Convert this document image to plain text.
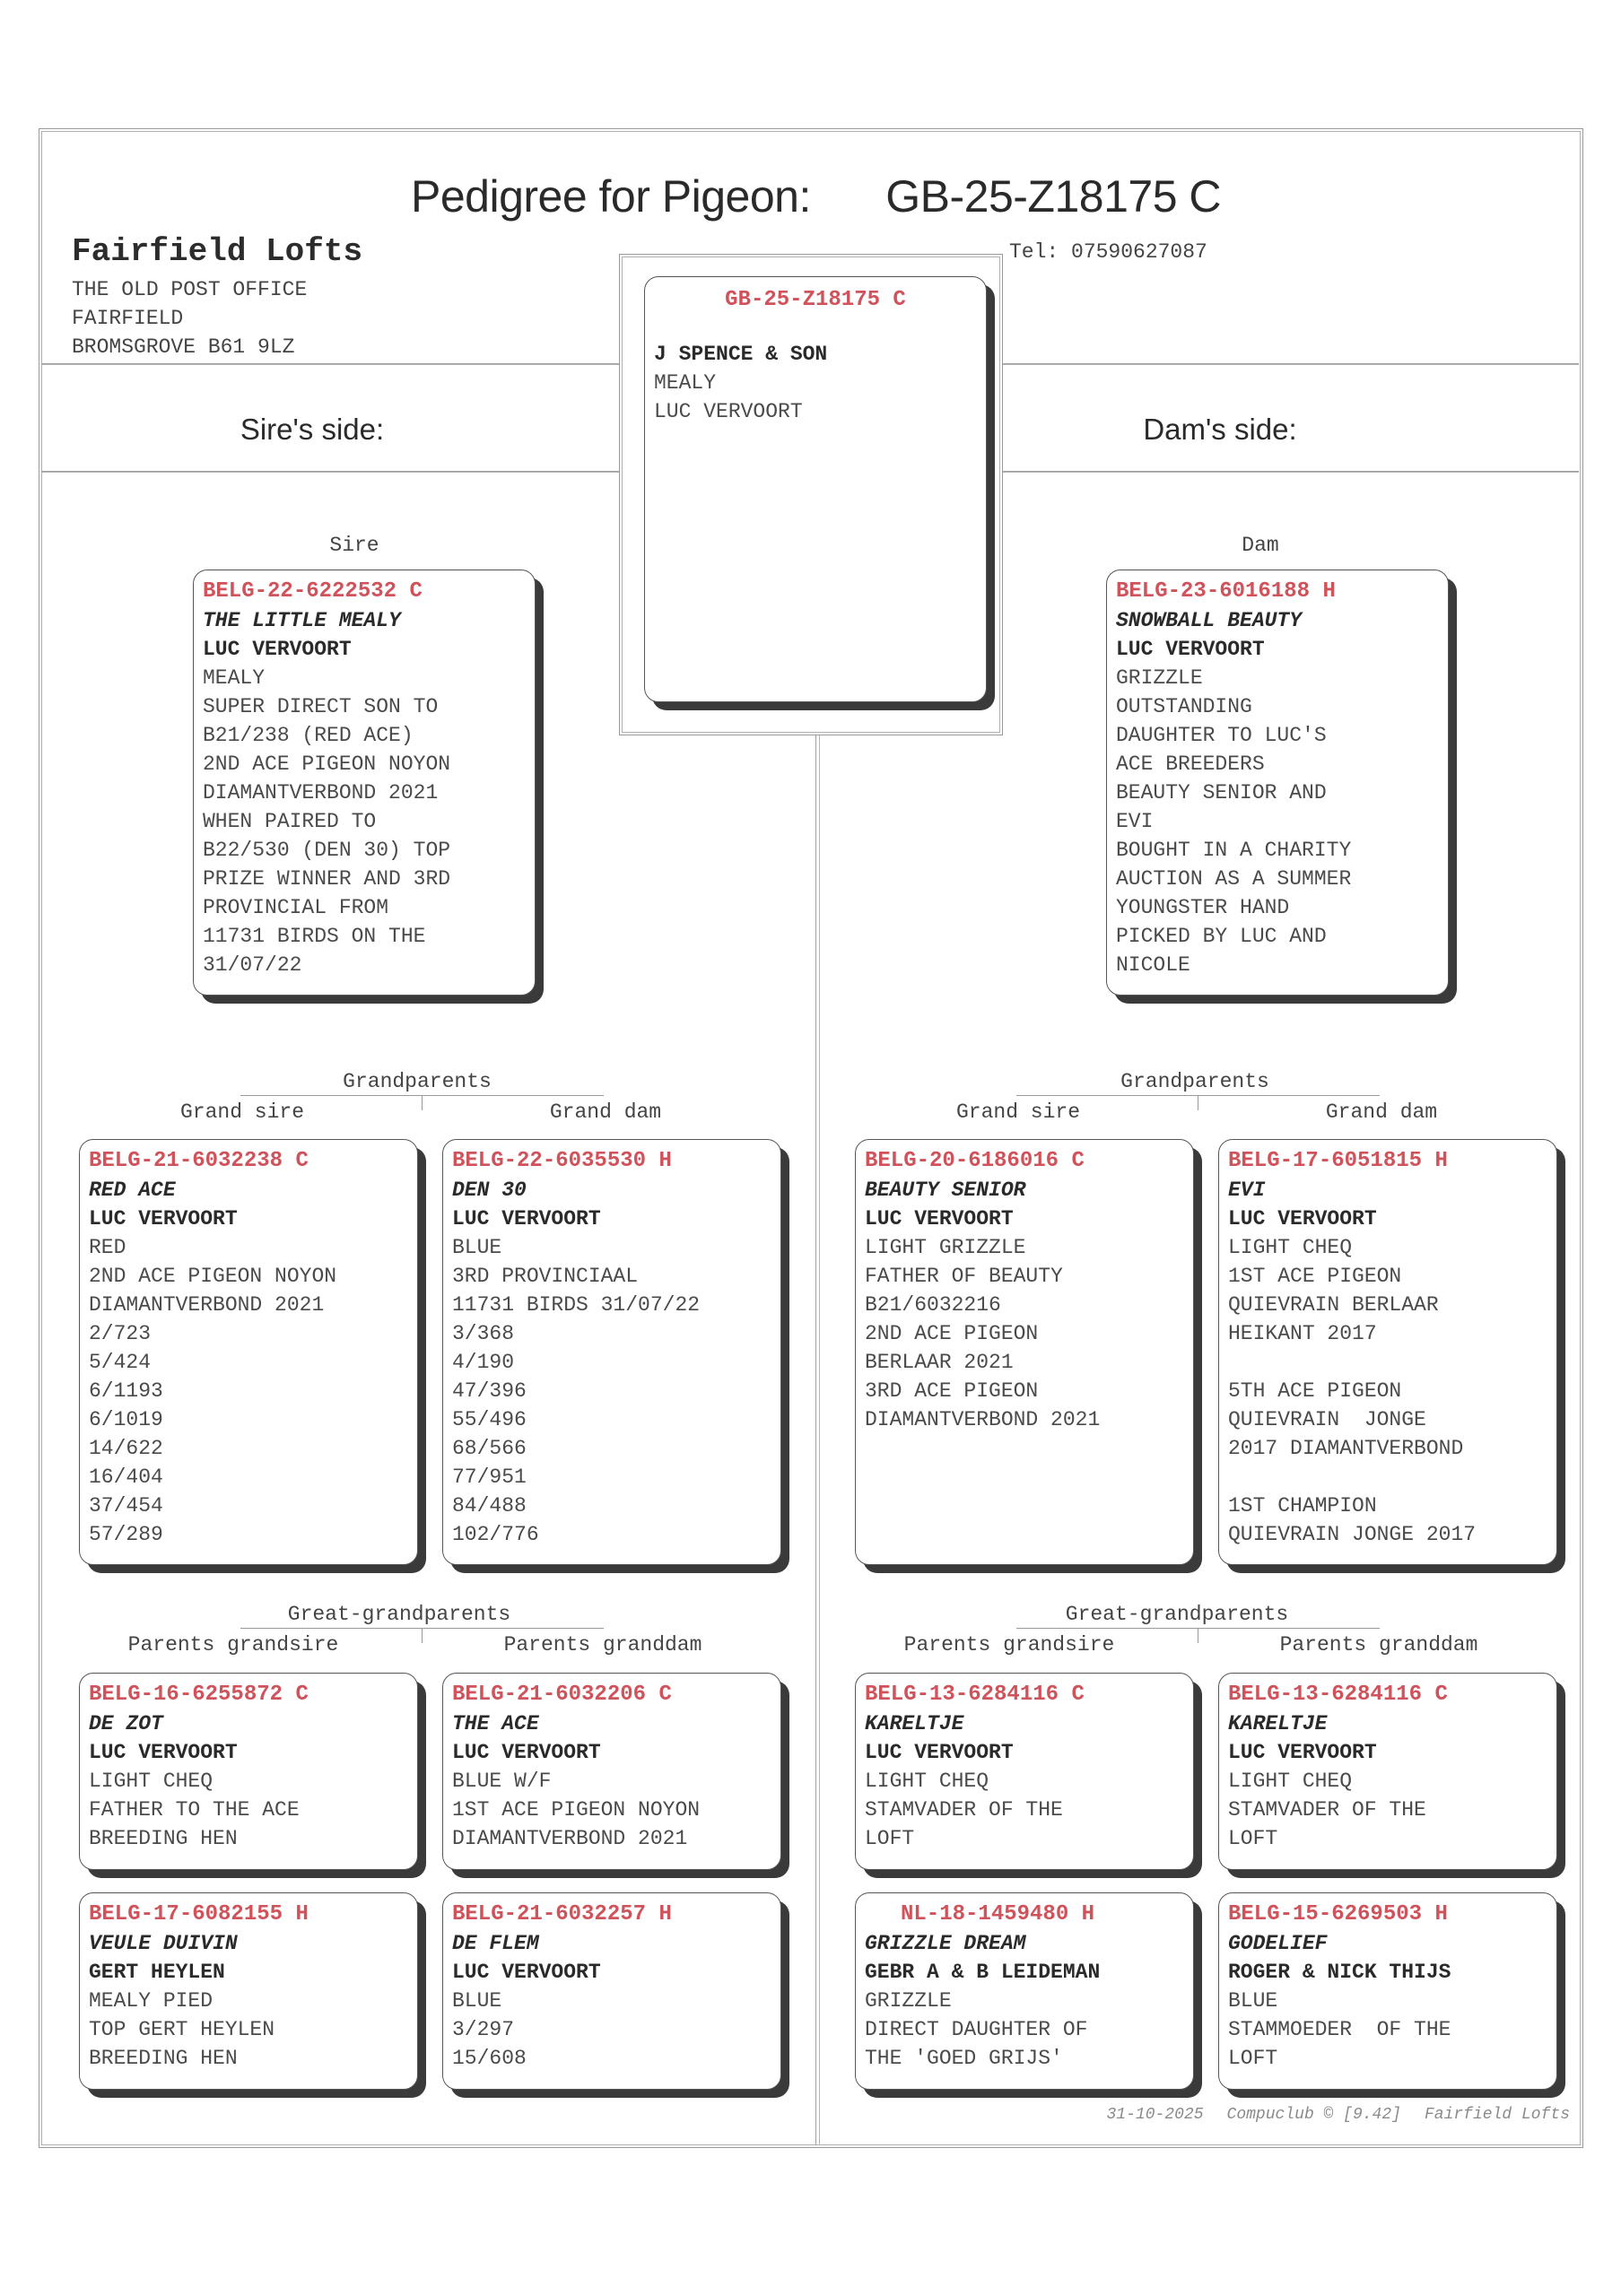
Pedigree for Pigeon: GB-25-Z18175 C
Fairfield Lofts
THE OLD POST OFFICE
FAIRFIELD
BROMSGROVE B61 9LZ
Tel: 07590627087
Sire's side:	Dam's side:
GB-25-Z18175 C
J SPENCE & SON
MEALY
LUC VERVOORT
Sire	Dam
BELG-22-6222532 C
THE LITTLE MEALY
LUC VERVOORT
MEALY
SUPER DIRECT SON TO
B21/238 (RED ACE)
2ND ACE PIGEON NOYON
DIAMANTVERBOND 2021
WHEN PAIRED TO
B22/530 (DEN 30) TOP
PRIZE WINNER AND 3RD
PROVINCIAL FROM
11731 BIRDS ON THE
31/07/22
BELG-23-6016188 H
SNOWBALL BEAUTY
LUC VERVOORT
GRIZZLE
OUTSTANDING
DAUGHTER TO LUC'S
ACE BREEDERS
BEAUTY SENIOR AND
EVI
BOUGHT IN A CHARITY
AUCTION AS A SUMMER
YOUNGSTER HAND
PICKED BY LUC AND
NICOLE
Grandparents
Grand sire	Grand dam
Grandparents
Grand sire	Grand dam
BELG-21-6032238 C
RED ACE
LUC VERVOORT
RED
2ND ACE PIGEON NOYON
DIAMANTVERBOND 2021
2/723
5/424
6/1193
6/1019
14/622
16/404
37/454
57/289
BELG-22-6035530 H
DEN 30
LUC VERVOORT
BLUE
3RD PROVINCIAAL
11731 BIRDS 31/07/22
3/368
4/190
47/396
55/496
68/566
77/951
84/488
102/776
BELG-20-6186016 C
BEAUTY SENIOR
LUC VERVOORT
LIGHT GRIZZLE
FATHER OF BEAUTY
B21/6032216
2ND ACE PIGEON
BERLAAR 2021
3RD ACE PIGEON
DIAMANTVERBOND 2021
BELG-17-6051815 H
EVI
LUC VERVOORT
LIGHT CHEQ
1ST ACE PIGEON
QUIEVRAIN BERLAAR
HEIKANT 2017
5TH ACE PIGEON
QUIEVRAIN  JONGE
2017 DIAMANTVERBOND
1ST CHAMPION
QUIEVRAIN JONGE 2017
Great-grandparents
Parents grandsire	Parents granddam
Great-grandparents
Parents grandsire	Parents granddam
BELG-16-6255872 C
DE ZOT
LUC VERVOORT
LIGHT CHEQ
FATHER TO THE ACE
BREEDING HEN
BELG-21-6032206 C
THE ACE
LUC VERVOORT
BLUE W/F
1ST ACE PIGEON NOYON
DIAMANTVERBOND 2021
BELG-13-6284116 C
KARELTJE
LUC VERVOORT
LIGHT CHEQ
STAMVADER OF THE
LOFT
BELG-13-6284116 C
KARELTJE
LUC VERVOORT
LIGHT CHEQ
STAMVADER OF THE
LOFT
BELG-17-6082155 H
VEULE DUIVIN
GERT HEYLEN
MEALY PIED
TOP GERT HEYLEN
BREEDING HEN
BELG-21-6032257 H
DE FLEM
LUC VERVOORT
BLUE
3/297
15/608
NL-18-1459480 H
GRIZZLE DREAM
GEBR A & B LEIDEMAN
GRIZZLE
DIRECT DAUGHTER OF
THE 'GOED GRIJS'
BELG-15-6269503 H
GODELIEF
ROGER & NICK THIJS
BLUE
STAMMOEDER  OF THE
LOFT
31-10-2025 Compuclub © [9.42] Fairfield Lofts
